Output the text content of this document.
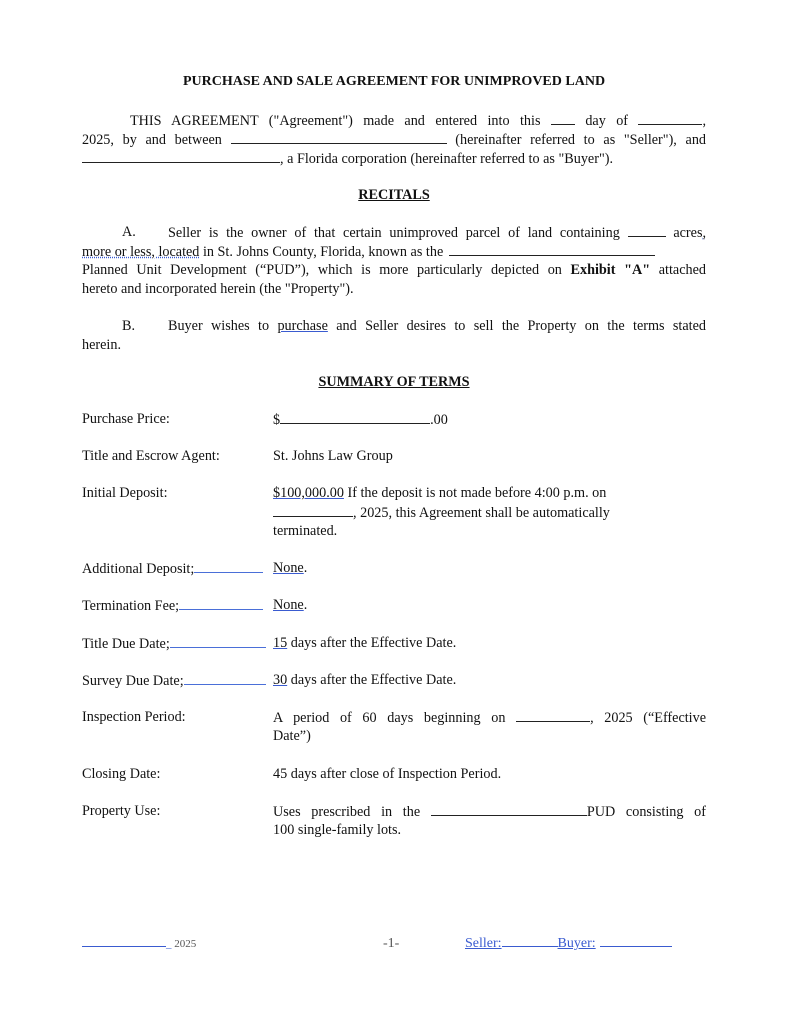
PURCHASE AND SALE AGREEMENT FOR UNIMPROVED LAND
THIS AGREEMENT ("Agreement") made and entered into this	day of	,
2025, by and between	(hereinafter referred to as "Seller"), and
, a Florida corporation (hereinafter referred to as "Buyer").
RECITALS
A. Seller is the owner of that certain unimproved parcel of land containing	acres,
more or less, located in St. Johns County, Florida, known as the
Planned Unit Development (“PUD”), which is more particularly depicted on Exhibit "A" attached
hereto and incorporated herein (the "Property").
B. Buyer wishes to purchase and Seller desires to sell the Property on the terms stated
herein.
SUMMARY OF TERMS
Purchase Price:	$	.00
Title and Escrow Agent:	St. Johns Law Group
Initial Deposit:	$100,000.00 If the deposit is not made before 4:00 p.m. on
, 2025, this Agreement shall be automatically
terminated.
Additional Deposit;	None.
Termination Fee;	None.
Title Due Date;	15 days after the Effective Date.
Survey Due Date;	30 days after the Effective Date.
Inspection Period:	A period of 60 days beginning on	, 2025 (“Effective
Date”)
Closing Date:	45 days after close of Inspection Period.
Property Use:	Uses prescribed in the	PUD consisting of
100 single-family lots.
_ 2025	-1-	Seller:	Buyer:
